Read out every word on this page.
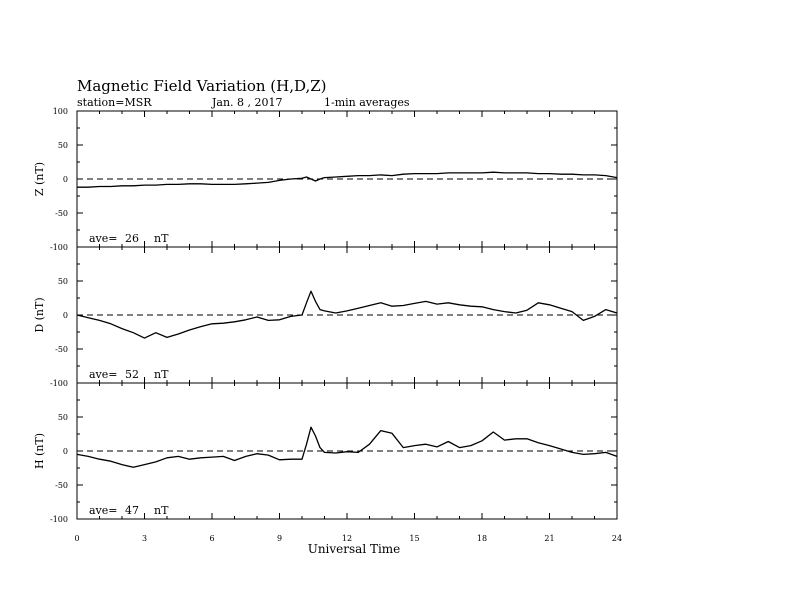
Magnetic Field Variation (H,D,Z)
station=MSR	Jan. 8 , 2017	1-min averages
-100
-50
0
50
100
Z (nT)
ave= 26 nT
-100
-50
0
50
D (nT)
ave= 52 nT
-100
-50
0
50
H (nT)
ave= 47 nT
0	3	6	9	12	15	18	21	24
Universal Time
